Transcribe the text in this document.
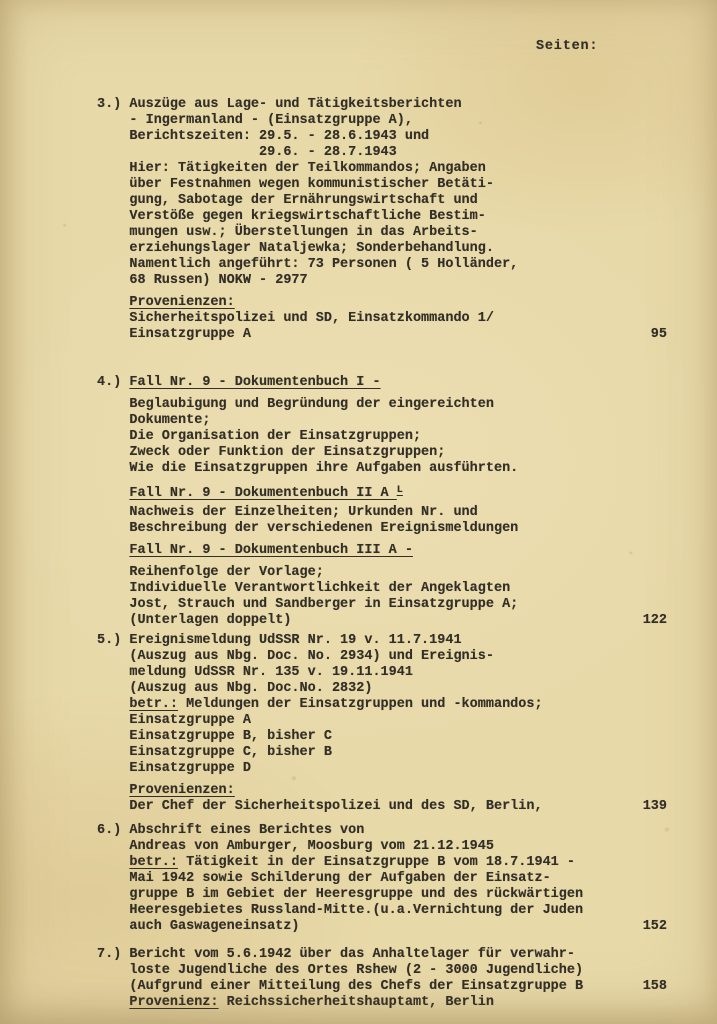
Seiten:
3.) Auszüge aus Lage- und Tätigkeitsberichten
- Ingermanland - (Einsatzgruppe A),
Berichtszeiten: 29.5. - 28.6.1943 und
29.6. - 28.7.1943
Hier: Tätigkeiten der Teilkommandos; Angaben
über Festnahmen wegen kommunistischer Betäti-
gung, Sabotage der Ernährungswirtschaft und
Verstöße gegen kriegswirtschaftliche Bestim-
mungen usw.; Überstellungen in das Arbeits-
erziehungslager Nataljewka; Sonderbehandlung.
Namentlich angeführt: 73 Personen ( 5 Holländer,
68 Russen) NOKW - 2977
Provenienzen:
Sicherheitspolizei und SD, Einsatzkommando 1/
Einsatzgruppe A	95
4.) Fall Nr. 9 - Dokumentenbuch I -
Beglaubigung und Begründung der eingereichten
Dokumente;
Die Organisation der Einsatzgruppen;
Zweck oder Funktion der Einsatzgruppen;
Wie die Einsatzgruppen ihre Aufgaben ausführten.
Fall Nr. 9 - Dokumentenbuch II A $^L$
Nachweis der Einzelheiten; Urkunden Nr. und
Beschreibung der verschiedenen Ereignismeldungen
Fall Nr. 9 - Dokumentenbuch III A -
Reihenfolge der Vorlage;
Individuelle Verantwortlichkeit der Angeklagten
Jost, Strauch und Sandberger in Einsatzgruppe A;
(Unterlagen doppelt)	122
5.) Ereignismeldung UdSSR Nr. 19 v. 11.7.1941
(Auszug aus Nbg. Doc. No. 2934) und Ereignis-
meldung UdSSR Nr. 135 v. 19.11.1941
(Auszug aus Nbg. Doc.No. 2832)
betr.: Meldungen der Einsatzgruppen und -kommandos;
Einsatzgruppe A
Einsatzgruppe B, bisher C
Einsatzgruppe C, bisher B
Einsatzgruppe D
Provenienzen:
Der Chef der Sicherheitspolizei und des SD, Berlin,	139
6.) Abschrift eines Berichtes von
Andreas von Amburger, Moosburg vom 21.12.1945
betr.: Tätigkeit in der Einsatzgruppe B vom 18.7.1941 -
Mai 1942 sowie Schilderung der Aufgaben der Einsatz-
gruppe B im Gebiet der Heeresgruppe und des rückwärtigen
Heeresgebietes Russland-Mitte.(u.a.Vernichtung der Juden
auch Gaswageneinsatz)	152
7.) Bericht vom 5.6.1942 über das Anhaltelager für verwahr-
loste Jugendliche des Ortes Rshew (2 - 3000 Jugendliche)
(Aufgrund einer Mitteilung des Chefs der Einsatzgruppe B	158
Provenienz: Reichssicherheitshauptamt, Berlin
